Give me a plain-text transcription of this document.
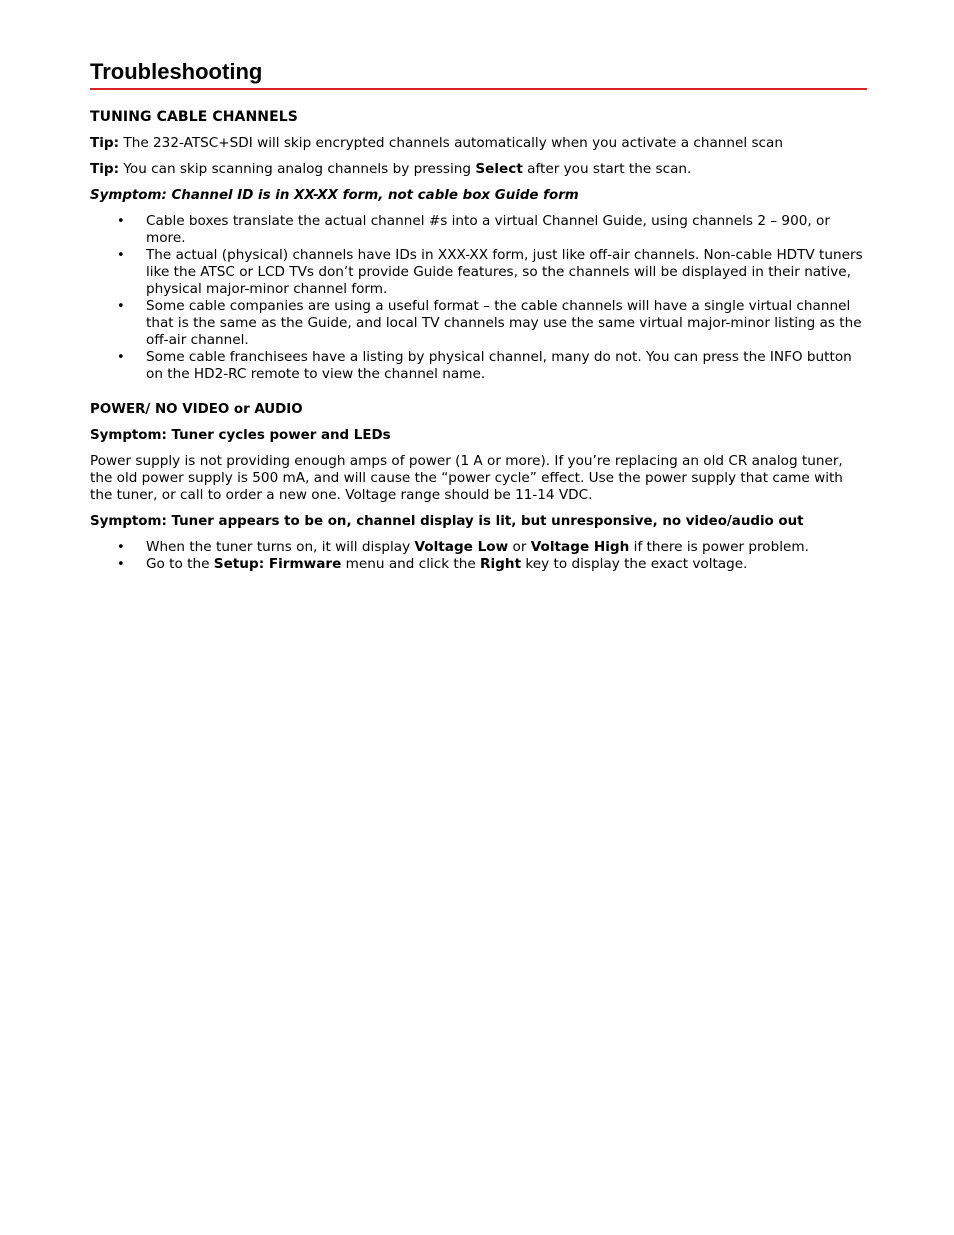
Troubleshooting
TUNING CABLE CHANNELS

Tip: The 232-ATSC+SDI will skip encrypted channels automatically when you activate a channel scan

Tip: You can skip scanning analog channels by pressing Select after you start the scan.

Symptom: Channel ID is in XX-XX form, not cable box Guide form
• Cable boxes translate the actual channel #s into a virtual Channel Guide, using channels 2 – 900, or more.
• The actual (physical) channels have IDs in XXX-XX form, just like off-air channels. Non-cable HDTV tuners like the ATSC or LCD TVs don’t provide Guide features, so the channels will be displayed in their native, physical major-minor channel form.
• Some cable companies are using a useful format – the cable channels will have a single virtual channel that is the same as the Guide, and local TV channels may use the same virtual major-minor listing as the off-air channel.
• Some cable franchisees have a listing by physical channel, many do not. You can press the INFO button on the HD2-RC remote to view the channel name.
POWER/ NO VIDEO or AUDIO
Symptom: Tuner cycles power and LEDs

Power supply is not providing enough amps of power (1 A or more). If you’re replacing an old CR analog tuner, the old power supply is 500 mA, and will cause the “power cycle” effect. Use the power supply that came with the tuner, or call to order a new one. Voltage range should be 11-14 VDC.

Symptom: Tuner appears to be on, channel display is lit, but unresponsive, no video/audio out
• When the tuner turns on, it will display Voltage Low or Voltage High if there is power problem.
• Go to the Setup: Firmware menu and click the Right key to display the exact voltage.
